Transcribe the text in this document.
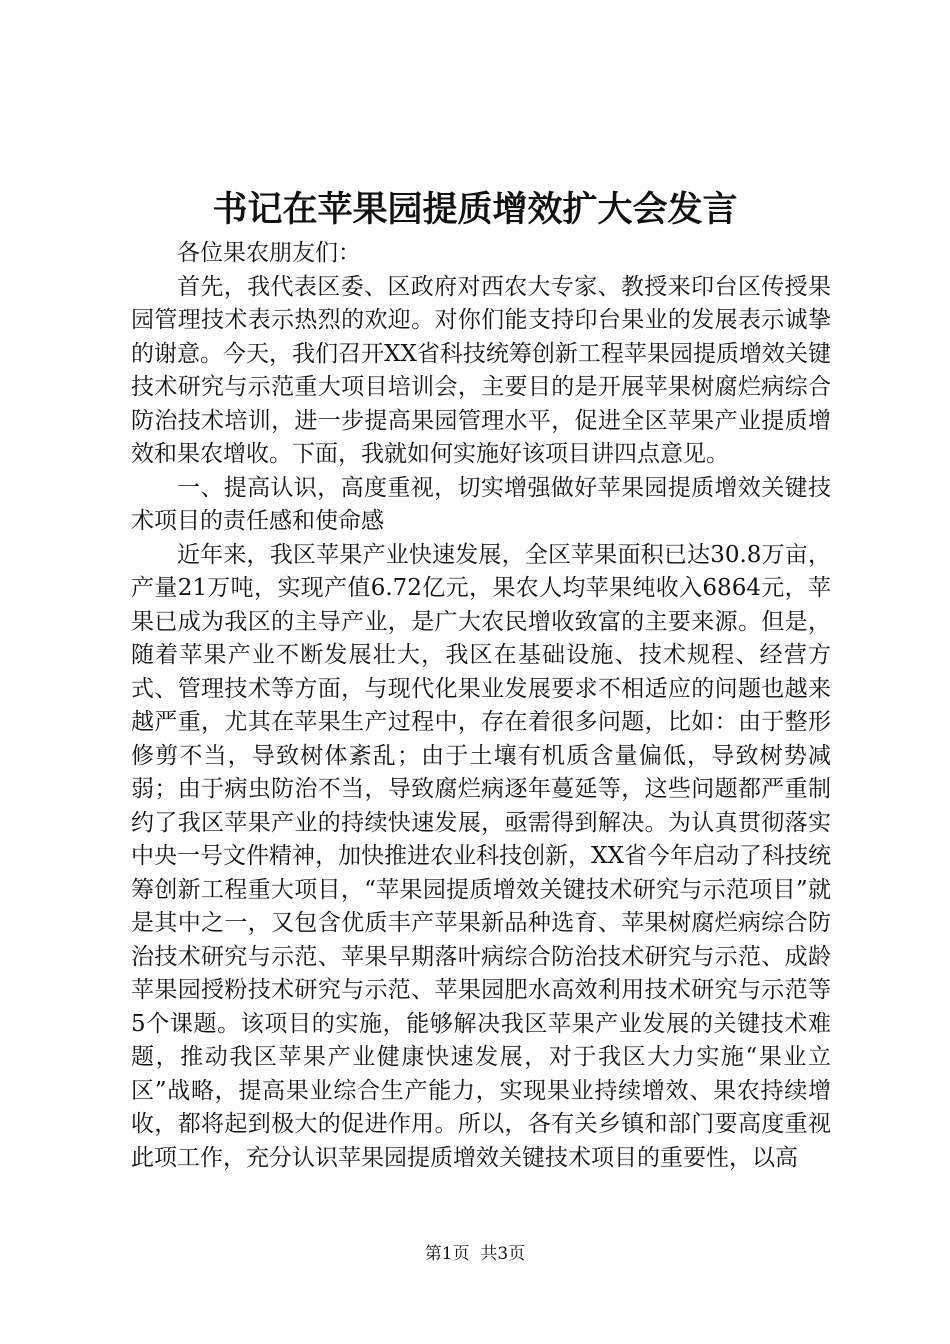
书记在苹果园提质增效扩大会发言

各位果农朋友们：

首先，我代表区委、区政府对西农大专家、教授来印台区传授果园管理技术表示热烈的欢迎。对你们能支持印台果业的发展表示诚挚的谢意。今天，我们召开XX省科技统筹创新工程苹果园提质增效关键技术研究与示范重大项目培训会，主要目的是开展苹果树腐烂病综合防治技术培训，进一步提高果园管理水平，促进全区苹果产业提质增效和果农增收。下面，我就如何实施好该项目讲四点意见。

一、提高认识，高度重视，切实增强做好苹果园提质增效关键技术项目的责任感和使命感

近年来，我区苹果产业快速发展，全区苹果面积已达30.8万亩，产量21万吨，实现产值6.72亿元，果农人均苹果纯收入6864元，苹果已成为我区的主导产业，是广大农民增收致富的主要来源。但是，随着苹果产业不断发展壮大，我区在基础设施、技术规程、经营方式、管理技术等方面，与现代化果业发展要求不相适应的问题也越来越严重，尤其在苹果生产过程中，存在着很多问题，比如：由于整形修剪不当，导致树体紊乱；由于土壤有机质含量偏低，导致树势减弱；由于病虫防治不当，导致腐烂病逐年蔓延等，这些问题都严重制约了我区苹果产业的持续快速发展，亟需得到解决。为认真贯彻落实中央一号文件精神，加快推进农业科技创新，XX省今年启动了科技统筹创新工程重大项目，“苹果园提质增效关键技术研究与示范项目”就是其中之一，又包含优质丰产苹果新品种选育、苹果树腐烂病综合防治技术研究与示范、苹果早期落叶病综合防治技术研究与示范、成龄苹果园授粉技术研究与示范、苹果园肥水高效利用技术研究与示范等5个课题。该项目的实施，能够解决我区苹果产业发展的关键技术难题，推动我区苹果产业健康快速发展，对于我区大力实施“果业立区”战略，提高果业综合生产能力，实现果业持续增效、果农持续增收，都将起到极大的促进作用。所以，各有关乡镇和部门要高度重视此项工作，充分认识苹果园提质增效关键技术项目的重要性，以高

第1页 共3页
